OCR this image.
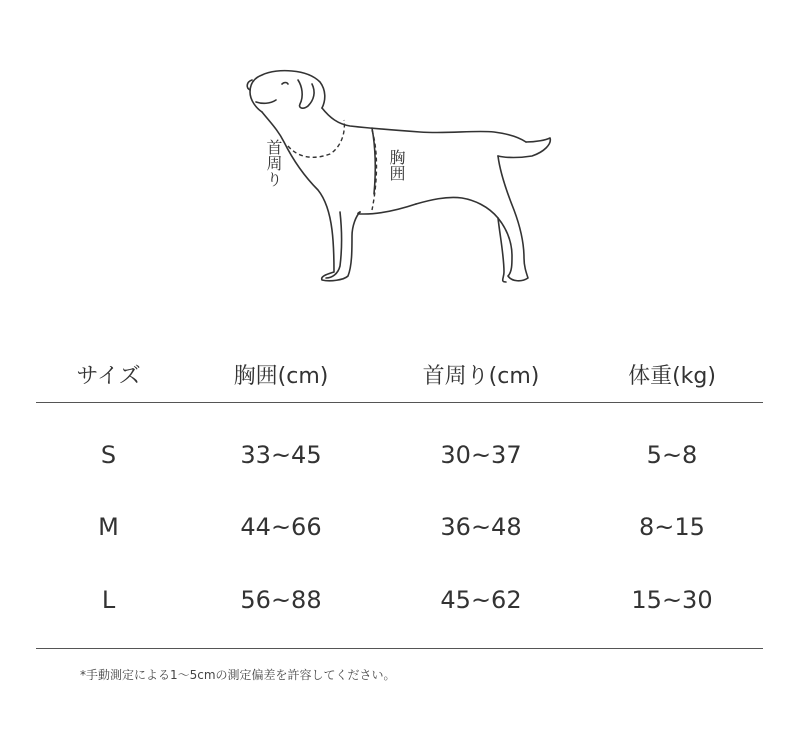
首周り	胸囲
サイズ	胸囲(cm)	首周り(cm)	体重(kg)
S	33~45	30~37	5~8
M	44~66	36~48	8~15
L	56~88	45~62	15~30
*手動測定による1〜5cmの測定偏差を許容してください。
